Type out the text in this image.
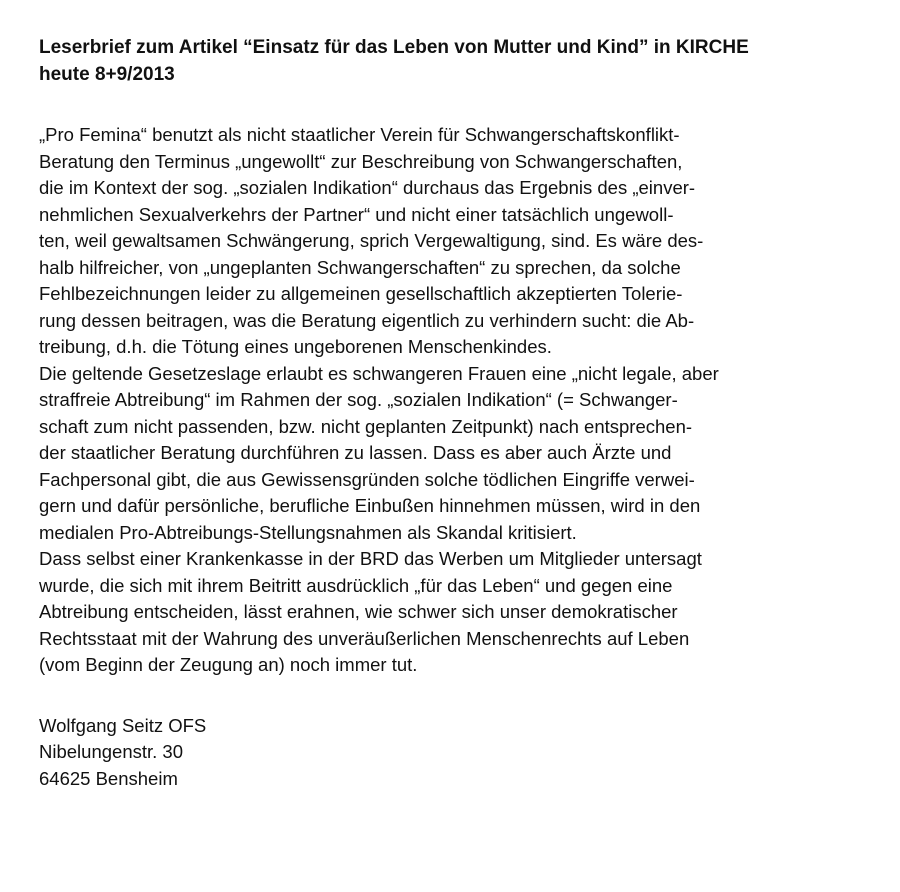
Leserbrief zum Artikel “Einsatz für das Leben von Mutter und Kind” in KIRCHE
heute 8+9/2013
„Pro Femina“ benutzt als nicht staatlicher Verein für Schwangerschaftskonflikt-
Beratung den Terminus „ungewollt“ zur Beschreibung von Schwangerschaften,
die im Kontext der sog. „sozialen Indikation“ durchaus das Ergebnis des „einver-
nehmlichen Sexualverkehrs der Partner“ und nicht einer tatsächlich ungewoll-
ten, weil gewaltsamen Schwängerung, sprich Vergewaltigung, sind. Es wäre des-
halb hilfreicher, von „ungeplanten Schwangerschaften“ zu sprechen, da solche
Fehlbezeichnungen leider zu allgemeinen gesellschaftlich akzeptierten Tolerie-
rung dessen beitragen, was die Beratung eigentlich zu verhindern sucht: die Ab-
treibung, d.h. die Tötung eines ungeborenen Menschenkindes.
Die geltende Gesetzeslage erlaubt es schwangeren Frauen eine „nicht legale, aber
straffreie Abtreibung“ im Rahmen der sog. „sozialen Indikation“ (= Schwanger-
schaft zum nicht passenden, bzw. nicht geplanten Zeitpunkt) nach entsprechen-
der staatlicher Beratung durchführen zu lassen. Dass es aber auch Ärzte und
Fachpersonal gibt, die aus Gewissensgründen solche tödlichen Eingriffe verwei-
gern und dafür persönliche, berufliche Einbußen hinnehmen müssen, wird in den
medialen Pro-Abtreibungs-Stellungsnahmen als Skandal kritisiert.
Dass selbst einer Krankenkasse in der BRD das Werben um Mitglieder untersagt
wurde, die sich mit ihrem Beitritt ausdrücklich „für das Leben“ und gegen eine
Abtreibung entscheiden, lässt erahnen, wie schwer sich unser demokratischer
Rechtsstaat mit der Wahrung des unveräußerlichen Menschenrechts auf Leben
(vom Beginn der Zeugung an) noch immer tut.
Wolfgang Seitz OFS
Nibelungenstr. 30
64625 Bensheim
